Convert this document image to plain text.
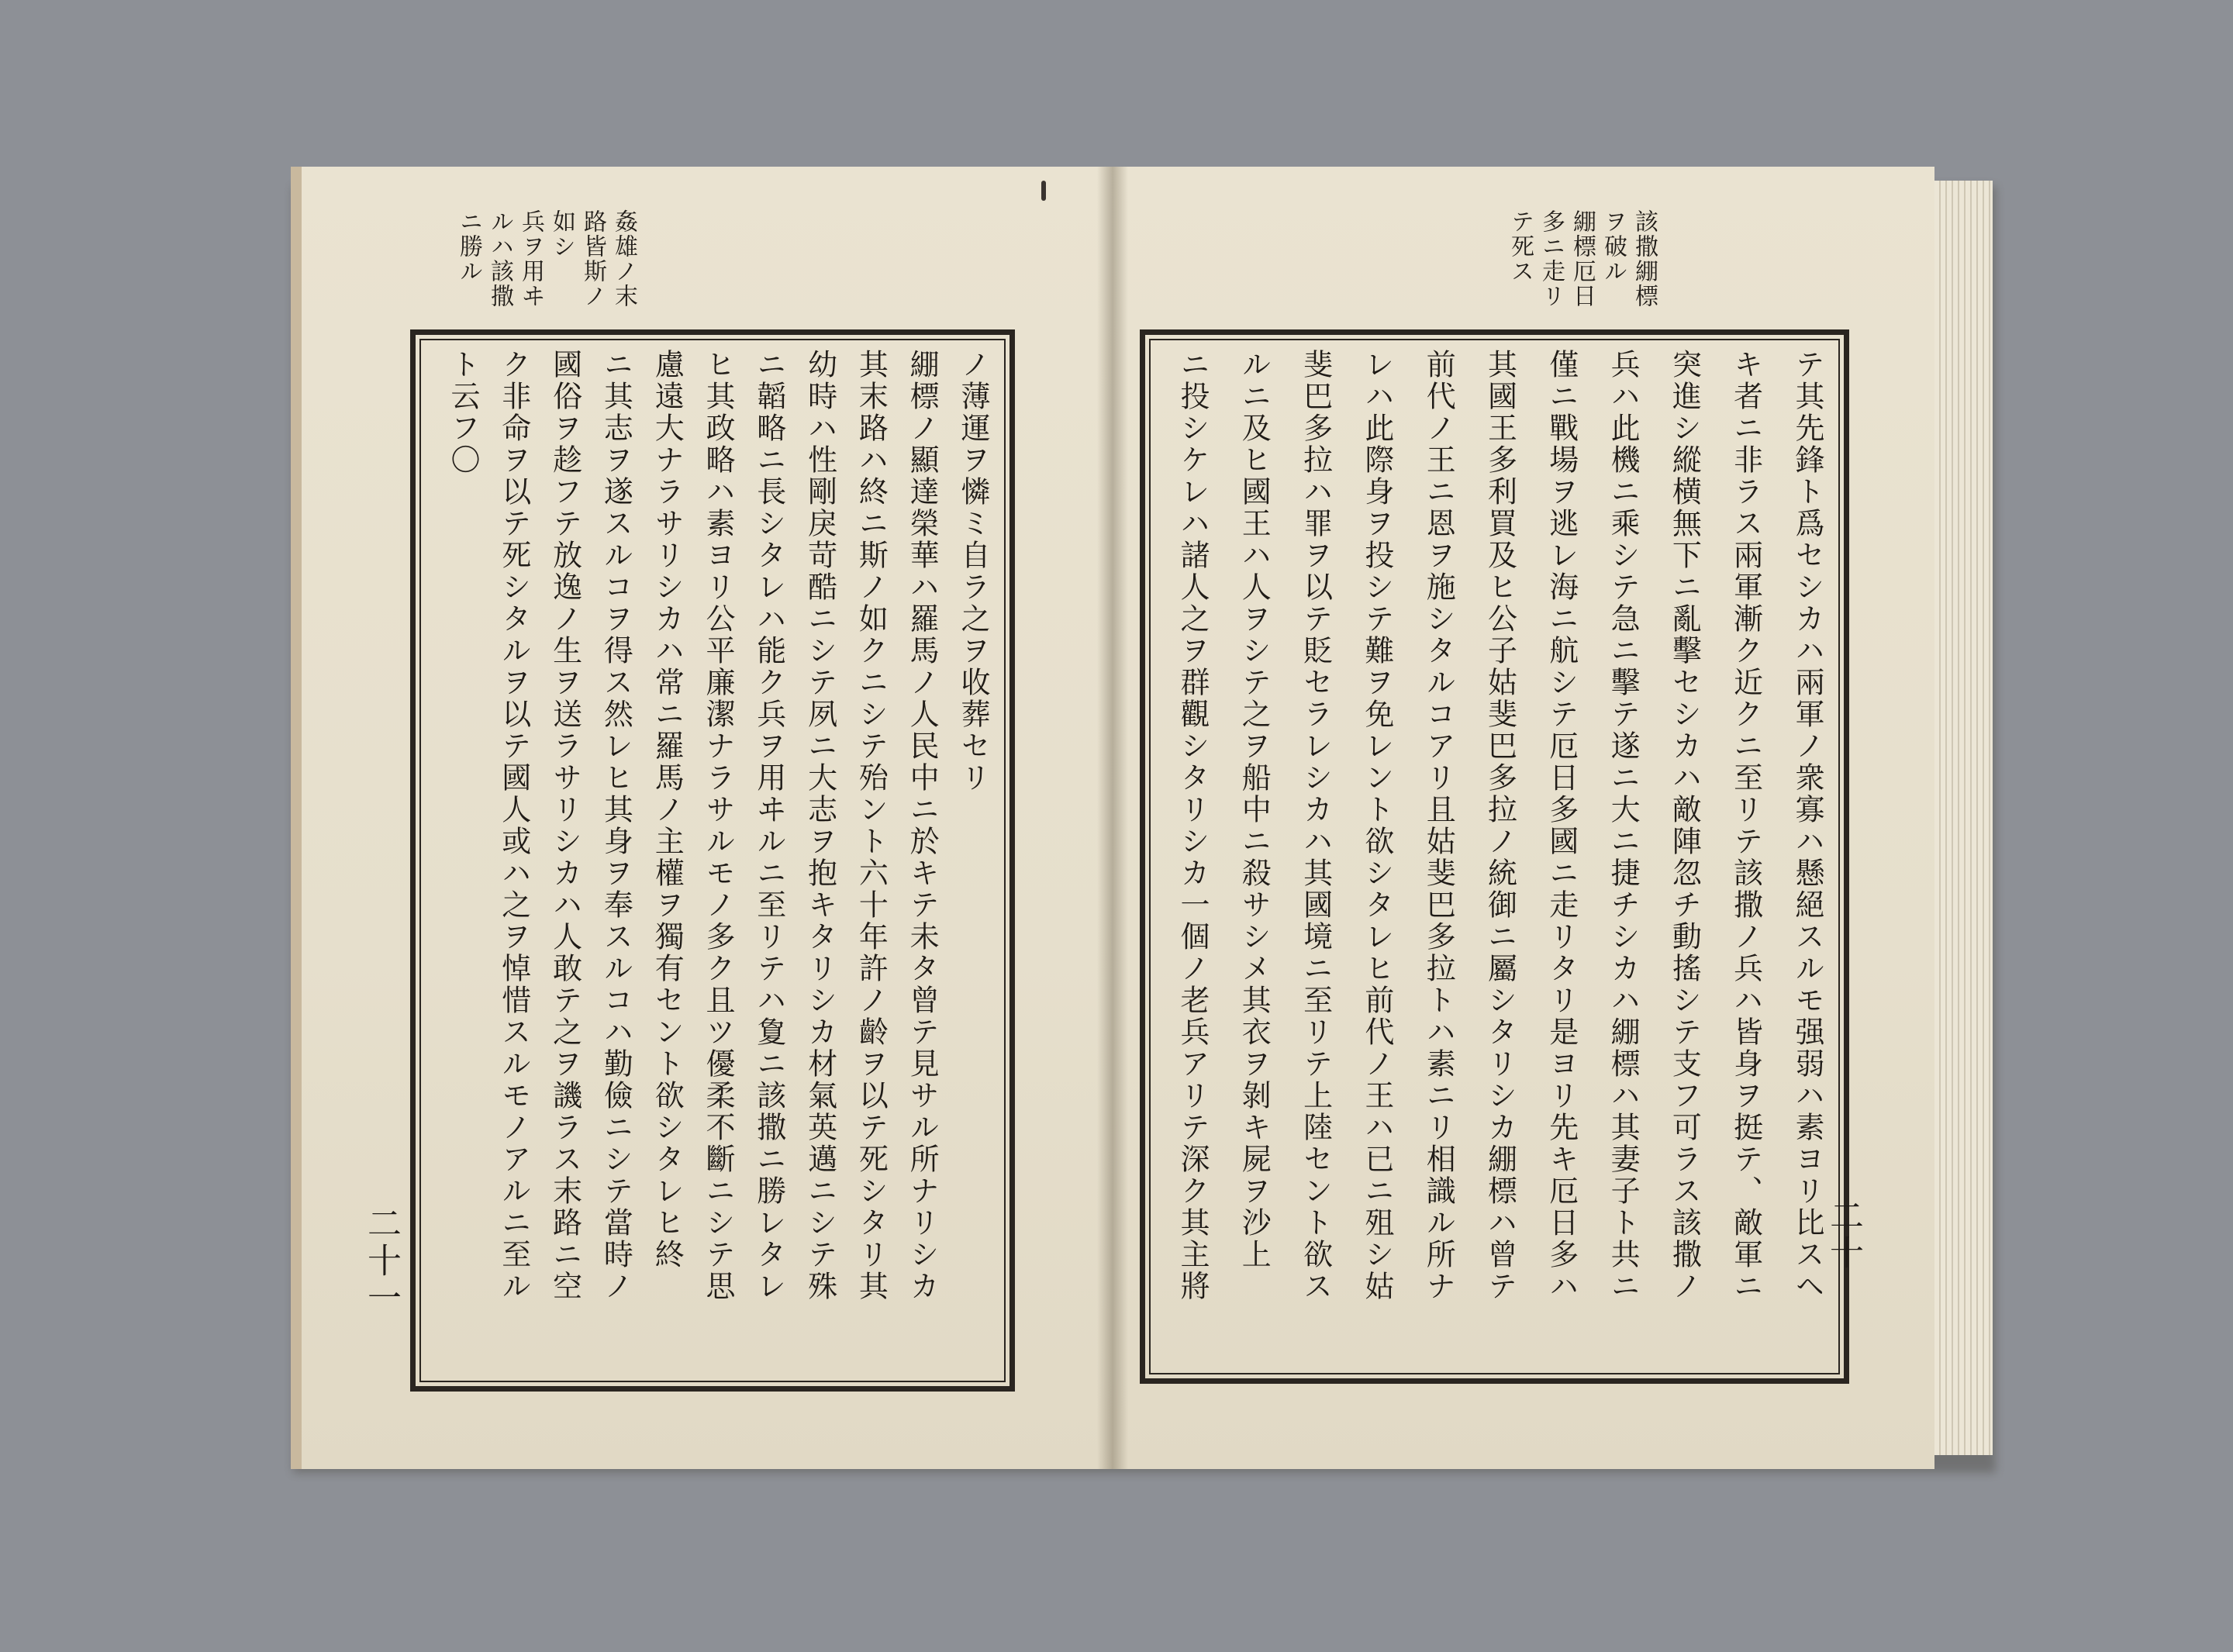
姦雄ノ末
路皆斯ノ
如シ
兵ヲ用ヰ
ルハ該撒
ニ勝ル
ノ薄運ヲ憐ミ自ラ之ヲ收葬セリ
綳標ノ顯達榮華ハ羅馬ノ人民中ニ於キテ未タ曾テ見サル所ナリシカ
其末路ハ終ニ斯ノ如クニシテ殆ント六十年許ノ齡ヲ以テ死シタリ其
幼時ハ性剛戾苛酷ニシテ夙ニ大志ヲ抱キタリシカ材氣英邁ニシテ殊
ニ韜略ニ長シタレハ能ク兵ヲ用ヰルニ至リテハ夐ニ該撒ニ勝レタレ
ヒ其政略ハ素ヨリ公平廉潔ナラサルモノ多ク且ツ優柔不斷ニシテ思
慮遠大ナラサリシカハ常ニ羅馬ノ主權ヲ獨有セント欲シタレヒ終
ニ其志ヲ遂スルコヲ得ス然レヒ其身ヲ奉スルコハ勤儉ニシテ當時ノ
國俗ヲ趁フテ放逸ノ生ヲ送ラサリシカハ人敢テ之ヲ譏ラス末路ニ空
ク非命ヲ以テ死シタルヲ以テ國人或ハ之ヲ悼惜スルモノアルニ至ル
ト云フ〇
二十一
該撒綳標
ヲ破ル
綳標厄日
多ニ走リ
テ死ス
テ其先鋒ト爲セシカハ兩軍ノ衆寡ハ懸絕スルモ强弱ハ素ヨリ比スヘ
キ者ニ非ラス兩軍漸ク近クニ至リテ該撒ノ兵ハ皆身ヲ挺テ、敵軍ニ
突進シ縱横無下ニ亂擊セシカハ敵陣忽チ動搖シテ支フ可ラス該撒ノ
兵ハ此機ニ乘シテ急ニ擊テ遂ニ大ニ捷チシカハ綳標ハ其妻子ト共ニ
僅ニ戰場ヲ逃レ海ニ航シテ厄日多國ニ走リタリ是ヨリ先キ厄日多ハ
其國王多利買及ヒ公子姑斐巴多拉ノ統御ニ屬シタリシカ綳標ハ曾テ
前代ノ王ニ恩ヲ施シタルコアリ且姑斐巴多拉トハ素ニリ相識ル所ナ
レハ此際身ヲ投シテ難ヲ免レント欲シタレヒ前代ノ王ハ已ニ殂シ姑
斐巴多拉ハ罪ヲ以テ貶セラレシカハ其國境ニ至リテ上陸セント欲ス
ルニ及ヒ國王ハ人ヲシテ之ヲ船中ニ殺サシメ其衣ヲ剝キ屍ヲ沙上
ニ投シケレハ諸人之ヲ群觀シタリシカ一個ノ老兵アリテ深ク其主將	二十
